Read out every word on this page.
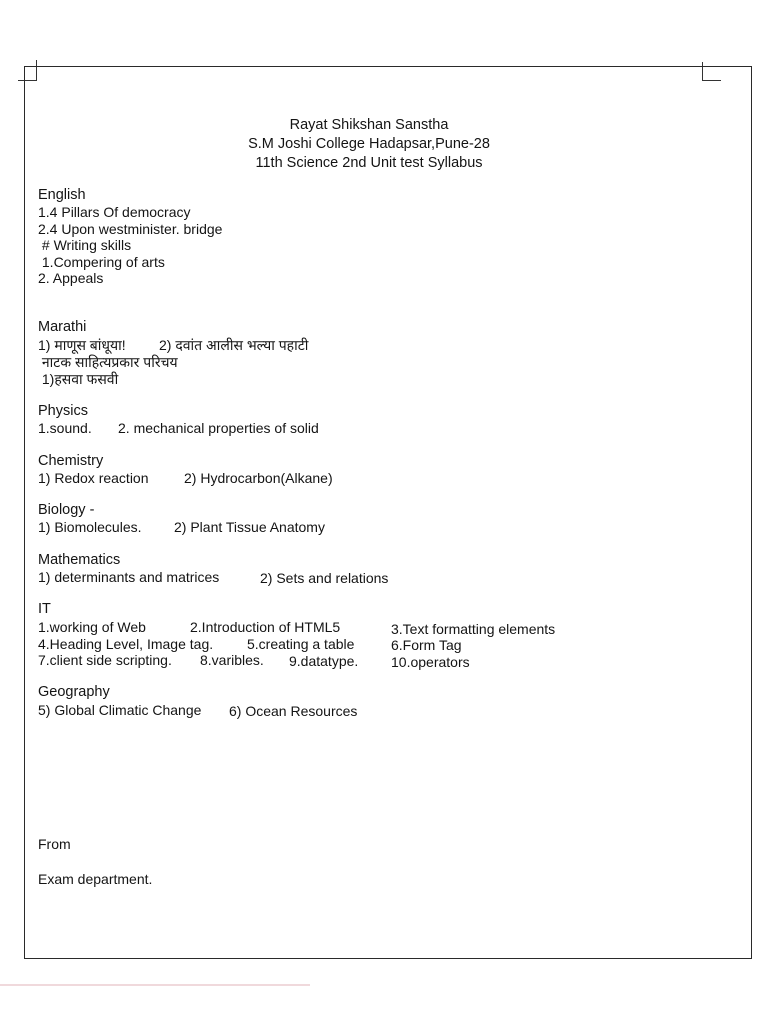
Rayat Shikshan Sanstha
S.M Joshi College Hadapsar,Pune-28
11th Science 2nd Unit test Syllabus
English
1.4 Pillars Of democracy
2.4 Upon westminister. bridge
# Writing skills
1.Compering of arts
2. Appeals
Marathi
1) माणूस बांधूया! 2) दवांत आलीस भल्या पहाटी
नाटक साहित्यप्रकार परिचय
1)हसवा फसवी
Physics
1.sound. 2. mechanical properties of solid
Chemistry
1) Redox reaction	2) Hydrocarbon(Alkane)
Biology -
1) Biomolecules. 2) Plant Tissue Anatomy
Mathematics
1) determinants and matrices	2) Sets and relations
IT
1.working of Web	2.Introduction of HTML5	3.Text formatting elements
4.Heading Level, Image tag. 5.creating a table	6.Form Tag
7.client side scripting. 8.varibles. 9.datatype. 10.operators
Geography
5) Global Climatic Change 6) Ocean Resources
From
Exam department.
